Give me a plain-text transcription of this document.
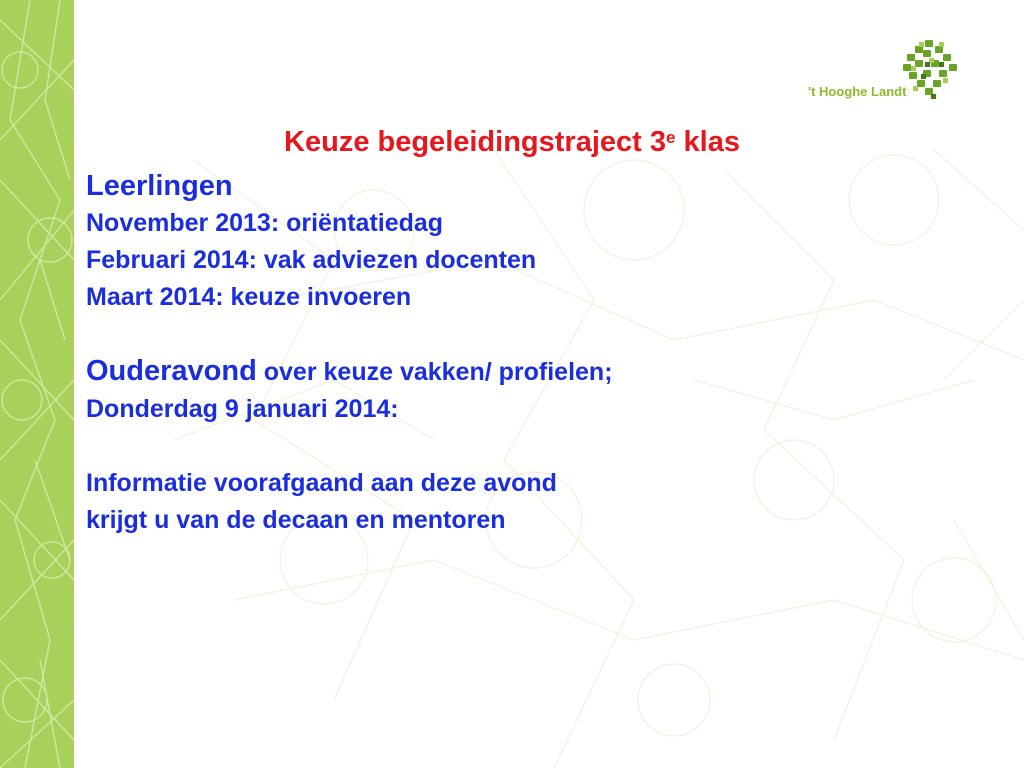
't Hooghe Landt
Keuze begeleidingstraject 3e klas
Leerlingen
November 2013: oriëntatiedag
Februari 2014: vak adviezen docenten
Maart 2014: keuze invoeren
Ouderavond over keuze vakken/ profielen;
Donderdag 9 januari 2014:
Informatie voorafgaand aan deze avond
krijgt u van de decaan en mentoren
